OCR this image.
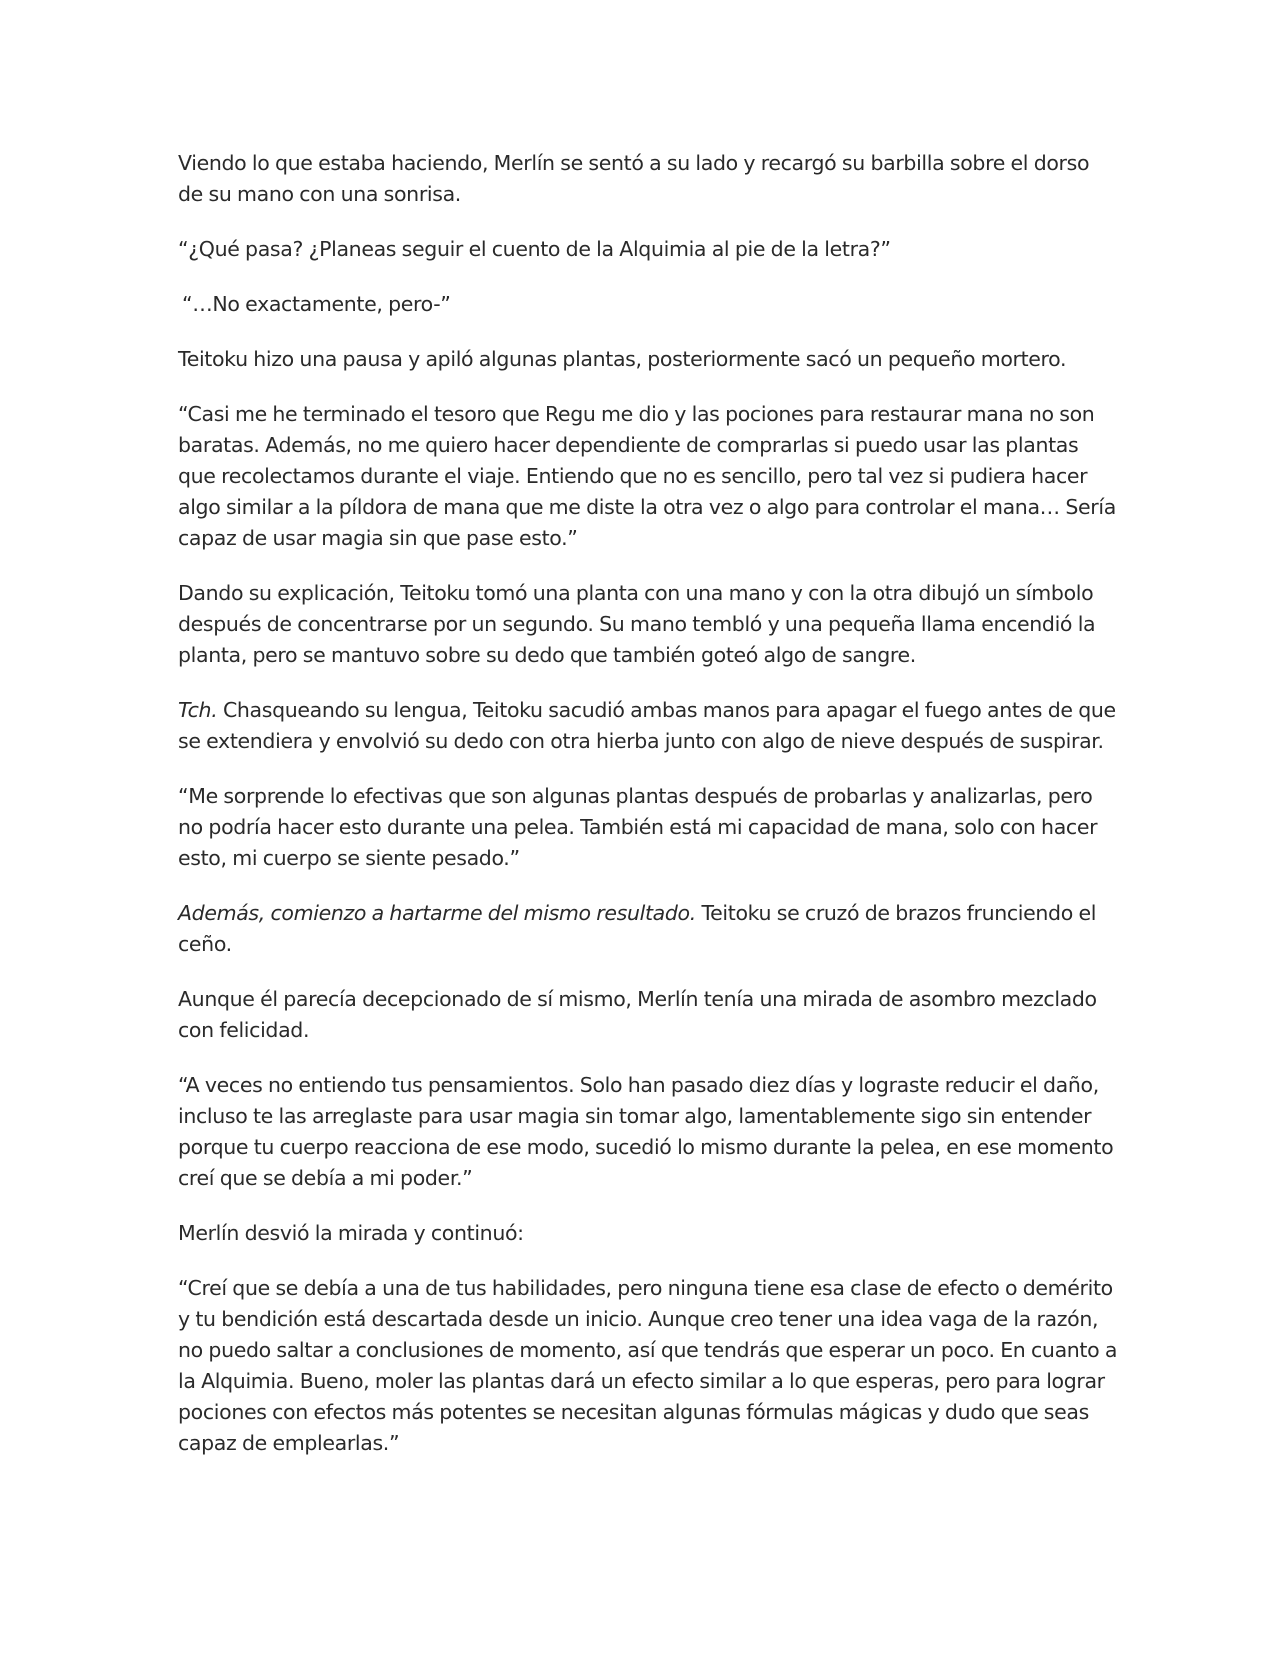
Viendo lo que estaba haciendo, Merlín se sentó a su lado y recargó su barbilla sobre el dorso de su mano con una sonrisa.

“¿Qué pasa? ¿Planeas seguir el cuento de la Alquimia al pie de la letra?”

“…No exactamente, pero-”

Teitoku hizo una pausa y apiló algunas plantas, posteriormente sacó un pequeño mortero.

“Casi me he terminado el tesoro que Regu me dio y las pociones para restaurar mana no son baratas. Además, no me quiero hacer dependiente de comprarlas si puedo usar las plantas que recolectamos durante el viaje. Entiendo que no es sencillo, pero tal vez si pudiera hacer algo similar a la píldora de mana que me diste la otra vez o algo para controlar el mana… Sería capaz de usar magia sin que pase esto.”

Dando su explicación, Teitoku tomó una planta con una mano y con la otra dibujó un símbolo después de concentrarse por un segundo. Su mano tembló y una pequeña llama encendió la planta, pero se mantuvo sobre su dedo que también goteó algo de sangre.

Tch. Chasqueando su lengua, Teitoku sacudió ambas manos para apagar el fuego antes de que se extendiera y envolvió su dedo con otra hierba junto con algo de nieve después de suspirar.

“Me sorprende lo efectivas que son algunas plantas después de probarlas y analizarlas, pero no podría hacer esto durante una pelea. También está mi capacidad de mana, solo con hacer esto, mi cuerpo se siente pesado.”

Además, comienzo a hartarme del mismo resultado. Teitoku se cruzó de brazos frunciendo el ceño.

Aunque él parecía decepcionado de sí mismo, Merlín tenía una mirada de asombro mezclado con felicidad.

“A veces no entiendo tus pensamientos. Solo han pasado diez días y lograste reducir el daño, incluso te las arreglaste para usar magia sin tomar algo, lamentablemente sigo sin entender porque tu cuerpo reacciona de ese modo, sucedió lo mismo durante la pelea, en ese momento creí que se debía a mi poder.”

Merlín desvió la mirada y continuó:

“Creí que se debía a una de tus habilidades, pero ninguna tiene esa clase de efecto o demérito y tu bendición está descartada desde un inicio. Aunque creo tener una idea vaga de la razón, no puedo saltar a conclusiones de momento, así que tendrás que esperar un poco. En cuanto a la Alquimia. Bueno, moler las plantas dará un efecto similar a lo que esperas, pero para lograr pociones con efectos más potentes se necesitan algunas fórmulas mágicas y dudo que seas capaz de emplearlas.”
